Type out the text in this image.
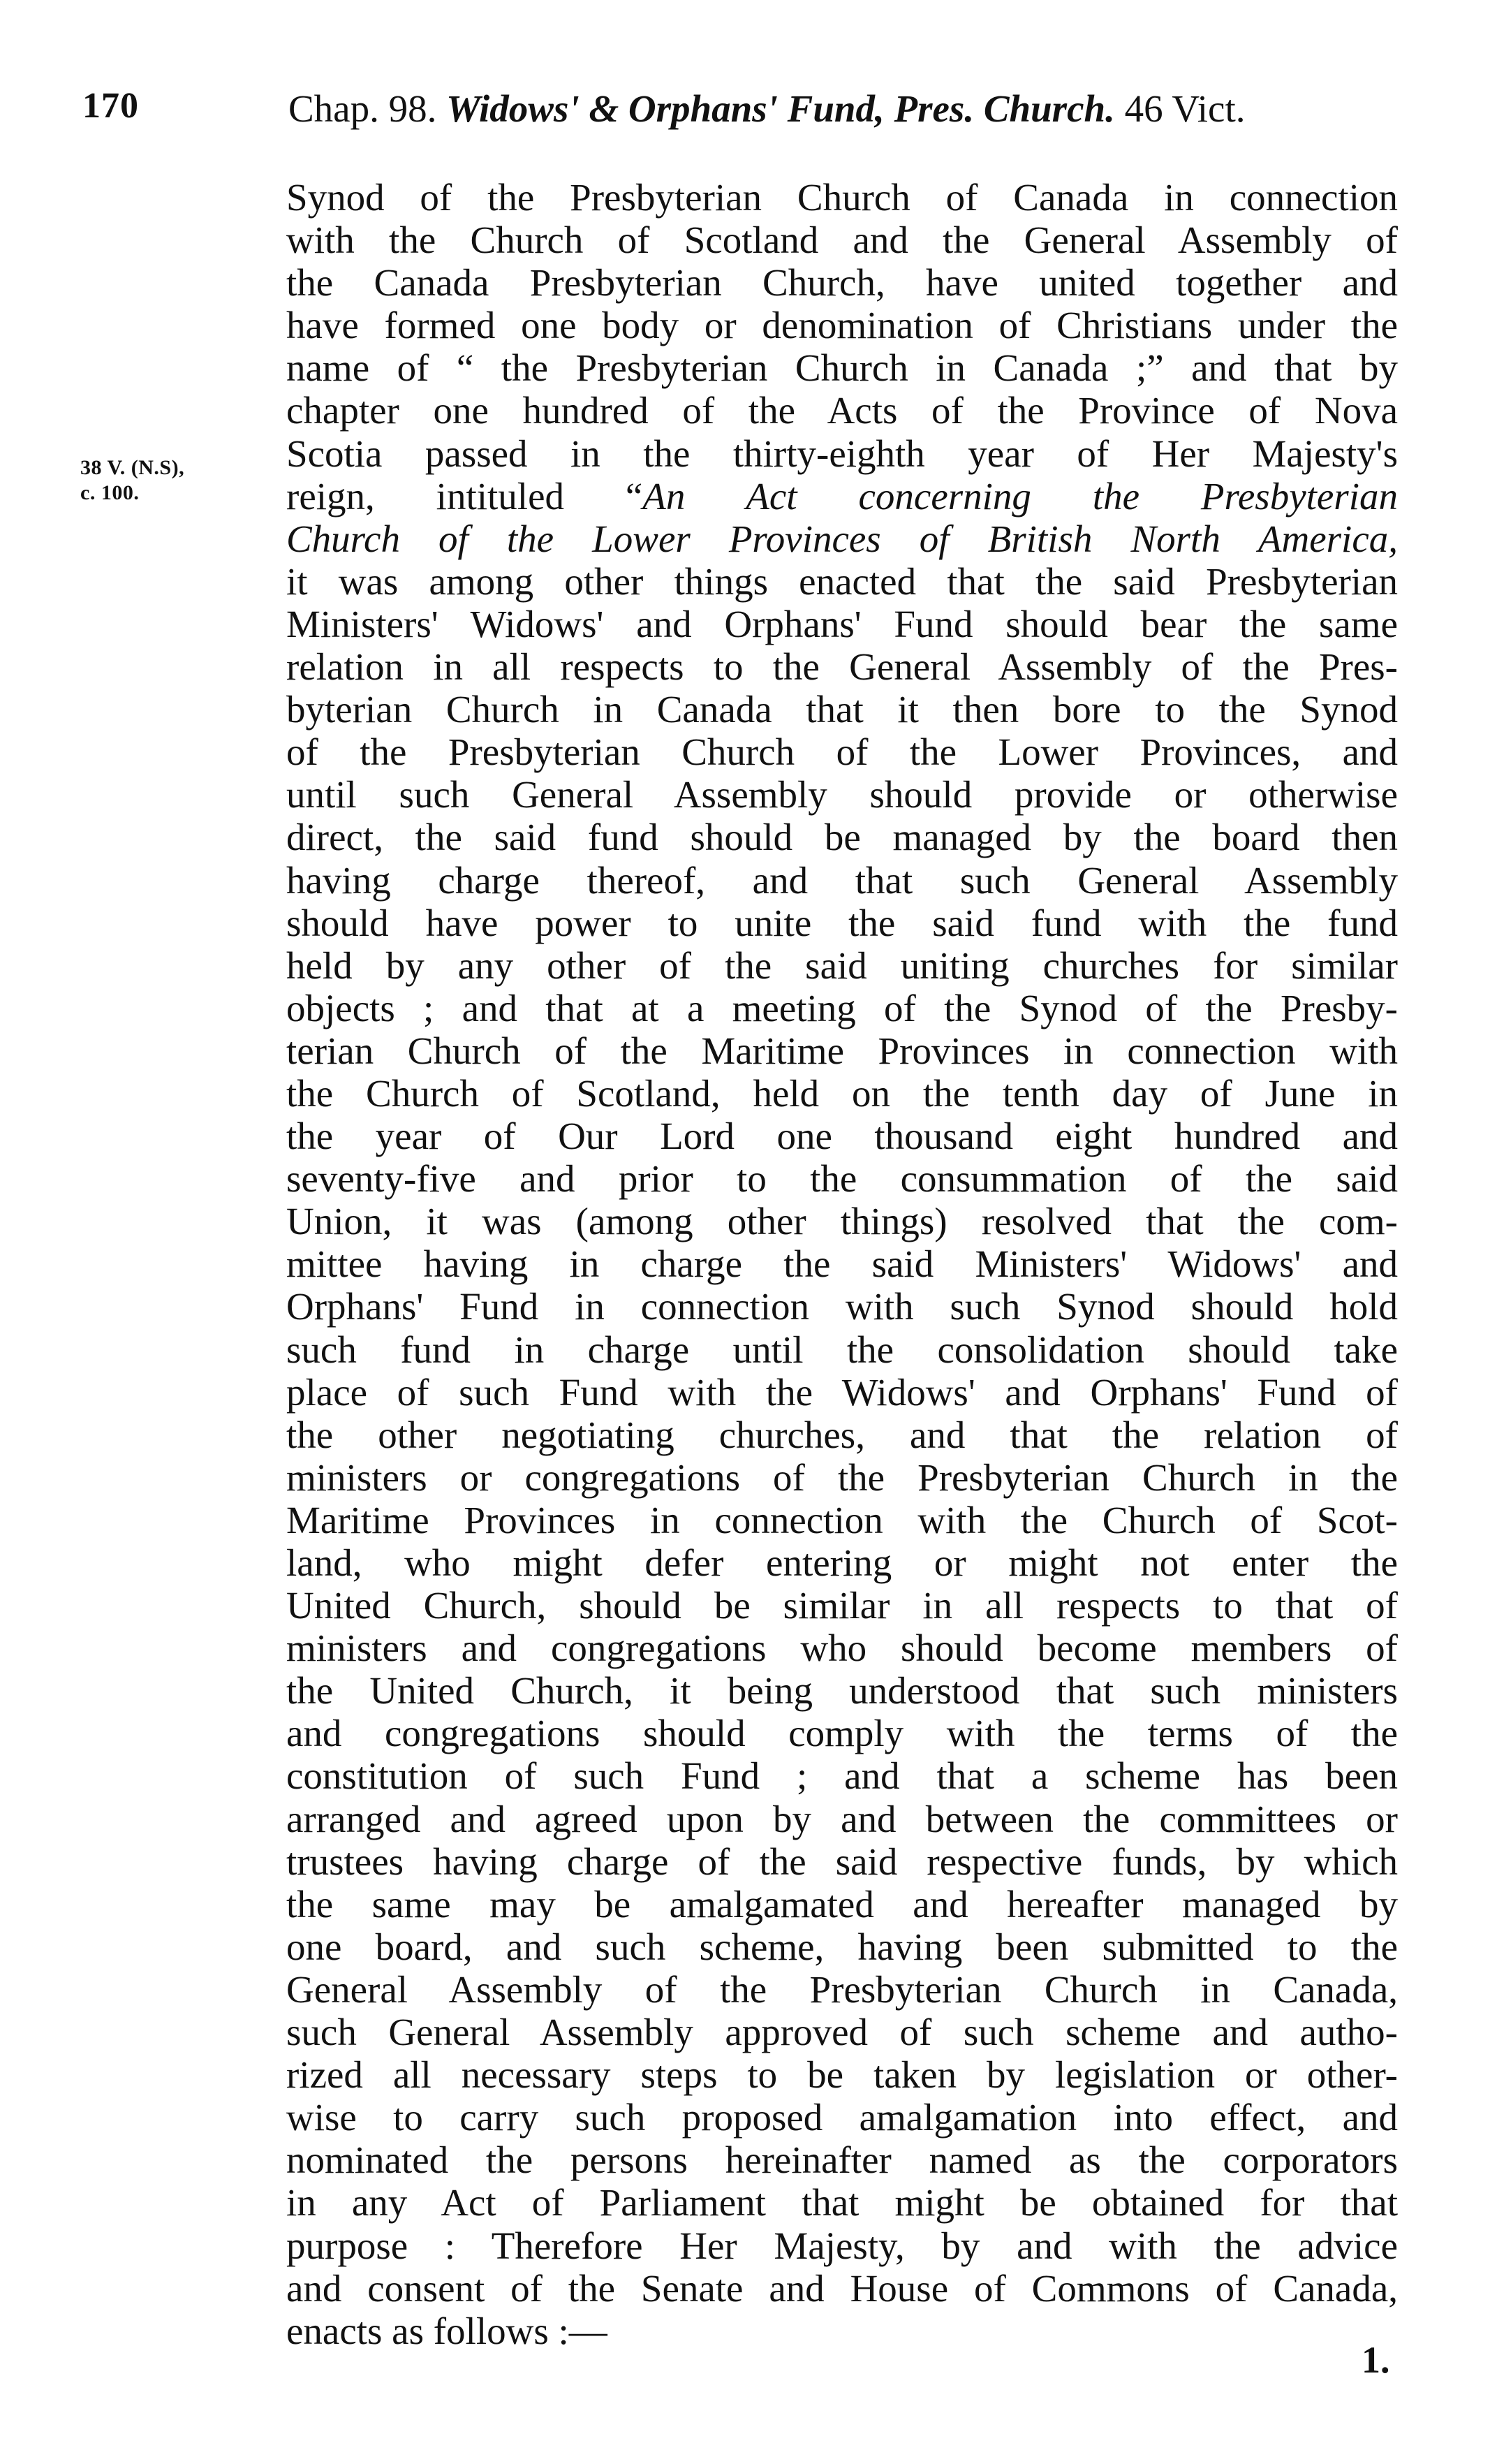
170	Chap. 98. Widows' & Orphans' Fund, Pres. Church. 46 Vict.
38 V. (N.S),
c. 100.
Synod of the Presbyterian Church of Canada in connection
with the Church of Scotland and the General Assembly of
the Canada Presbyterian Church, have united together and
have formed one body or denomination of Christians under the
name of “ the Presbyterian Church in Canada ;” and that by
chapter one hundred of the Acts of the Province of Nova
Scotia passed in the thirty-eighth year of Her Majesty's
reign, intituled “An Act concerning the Presbyterian
Church of the Lower Provinces of British North America,
it was among other things enacted that the said Presbyterian
Ministers' Widows' and Orphans' Fund should bear the same
relation in all respects to the General Assembly of the Pres-
byterian Church in Canada that it then bore to the Synod
of the Presbyterian Church of the Lower Provinces, and
until such General Assembly should provide or otherwise
direct, the said fund should be managed by the board then
having charge thereof, and that such General Assembly
should have power to unite the said fund with the fund
held by any other of the said uniting churches for similar
objects ; and that at a meeting of the Synod of the Presby-
terian Church of the Maritime Provinces in connection with
the Church of Scotland, held on the tenth day of June in
the year of Our Lord one thousand eight hundred and
seventy-five and prior to the consummation of the said
Union, it was (among other things) resolved that the com-
mittee having in charge the said Ministers' Widows' and
Orphans' Fund in connection with such Synod should hold
such fund in charge until the consolidation should take
place of such Fund with the Widows' and Orphans' Fund of
the other negotiating churches, and that the relation of
ministers or congregations of the Presbyterian Church in the
Maritime Provinces in connection with the Church of Scot-
land, who might defer entering or might not enter the
United Church, should be similar in all respects to that of
ministers and congregations who should become members of
the United Church, it being understood that such ministers
and congregations should comply with the terms of the
constitution of such Fund ; and that a scheme has been
arranged and agreed upon by and between the committees or
trustees having charge of the said respective funds, by which
the same may be amalgamated and hereafter managed by
one board, and such scheme, having been submitted to the
General Assembly of the Presbyterian Church in Canada,
such General Assembly approved of such scheme and autho-
rized all necessary steps to be taken by legislation or other-
wise to carry such proposed amalgamation into effect, and
nominated the persons hereinafter named as the corporators
in any Act of Parliament that might be obtained for that
purpose : Therefore Her Majesty, by and with the advice
and consent of the Senate and House of Commons of Canada,
enacts as follows :—
1.
